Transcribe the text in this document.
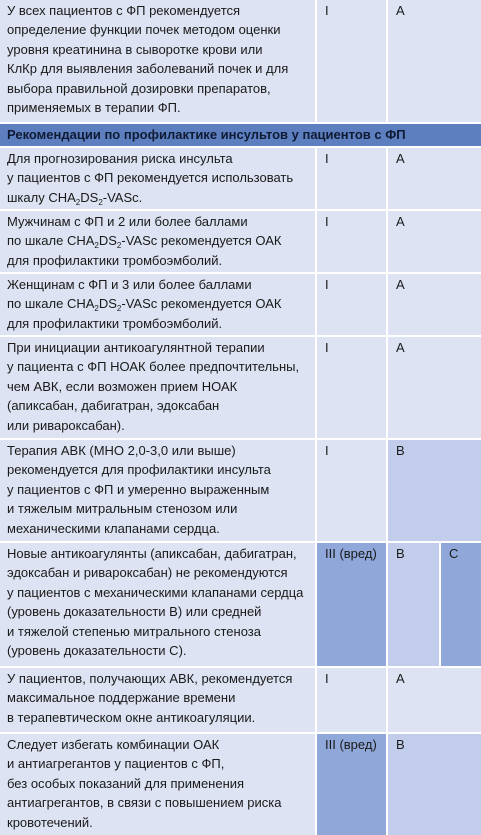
У всех пациентов с ФП рекомендуется
определение функции почек методом оценки
уровня креатинина в сыворотке крови или
КлКр для выявления заболеваний почек и для
выбора правильной дозировки препаратов,
применяемых в терапии ФП.
I	A
Рекомендации по профилактике инсультов у пациентов с ФП
Для прогнозирования риска инсульта
у пациентов с ФП рекомендуется использовать
шкалу $CHA_2DS_2$-VASc.
I	A
Мужчинам с ФП и 2 или более баллами
по шкале $CHA_2DS_2$-VASc рекомендуется ОАК
для профилактики тромбоэмболий.
I	A
Женщинам с ФП и 3 или более баллами
по шкале $CHA_2DS_2$-VASc рекомендуется ОАК
для профилактики тромбоэмболий.
I	A
При инициации антикоагулянтной терапии
у пациента с ФП НОАК более предпочтительны,
чем АВК, если возможен прием НОАК
(апиксабан, дабигатран, эдоксабан
или ривароксабан).
I	A
Терапия АВК (МНО 2,0-3,0 или выше)
рекомендуется для профилактики инсульта
у пациентов с ФП и умеренно выраженным
и тяжелым митральным стенозом или
механическими клапанами сердца.
I	B
Новые антикоагулянты (апиксабан, дабигатран,
эдоксабан и ривароксабан) не рекомендуются
у пациентов с механическими клапанами сердца
(уровень доказательности B) или средней
и тяжелой степенью митрального стеноза
(уровень доказательности C).
III (вред)	B	C
У пациентов, получающих АВК, рекомендуется
максимальное поддержание времени
в терапевтическом окне антикоагуляции.
I	A
Следует избегать комбинации ОАК
и антиагрегантов у пациентов с ФП,
без особых показаний для применения
антиагрегантов, в связи с повышением риска
кровотечений.
III (вред)	B
